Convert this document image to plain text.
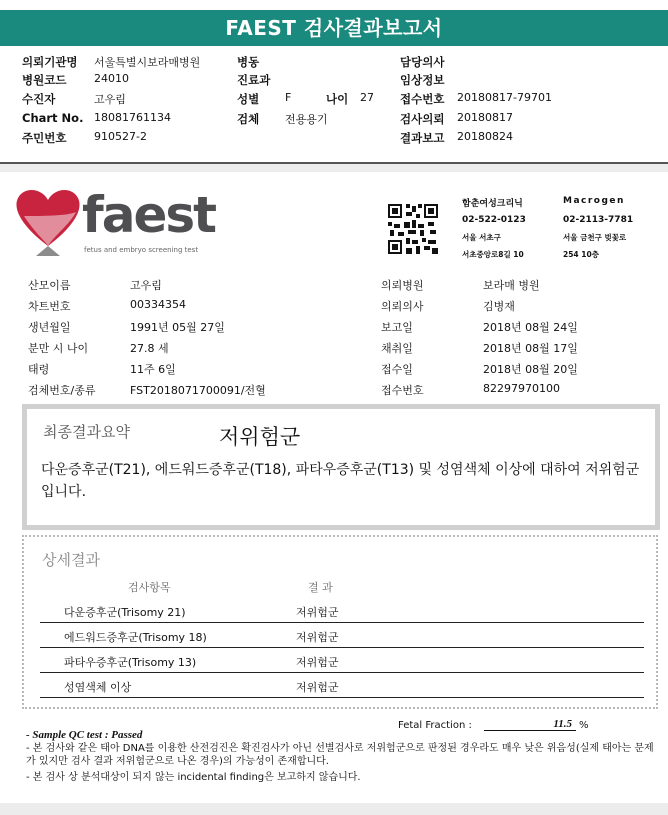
FAEST 검사결과보고서
의뢰기관명 서울특별시보라매병원	병동	담당의사
병원코드	24010	진료과	임상정보
수진자	고우림	성별 F	나이 27 접수번호 20180817-79701
Chart No. 18081761134	검체 전용용기	검사의뢰 20180817
주민번호	910527-2	결과보고 20180824
faest
fetus and embryo screening test
함춘여성크리닉
02-522-0123
서울 서초구
서초중앙로8길 10
Macrogen
02-2113-7781
서울 금천구 벚꽃로
254 10층
산모이름	고우림	의뢰병원	보라매 병원
차트번호	00334354	의뢰의사	김병재
생년월일	1991년 05월 27일	보고일	2018년 08월 24일
분만 시 나이	27.8 세	채취일	2018년 08월 17일
태령	11주 6일	접수일	2018년 08월 20일
검체번호/종류	FST2018071700091/전혈	접수번호	82297970100
최종결과요약	저위험군
다운증후군(T21), 에드워드증후군(T18), 파타우증후군(T13) 및 성염색체 이상에 대하여 저위험군입니다.
상세결과
검사항목	결 과
다운증후군(Trisomy 21)	저위험군
에드워드증후군(Trisomy 18)	저위험군
파타우증후군(Trisomy 13)	저위험군
성염색체 이상	저위험군
- Sample QC test : Passed
Fetal Fraction :	11.5 %
- 본 검사와 같은 태아 DNA를 이용한 산전검진은 확진검사가 아닌 선별검사로 저위험군으로 판정된 경우라도 매우 낮은 위음성(실제 태아는 문제가 있지만 검사 결과 저위험군으로 나온 경우)의 가능성이 존재합니다.
- 본 검사 상 분석대상이 되지 않는 incidental finding은 보고하지 않습니다.
